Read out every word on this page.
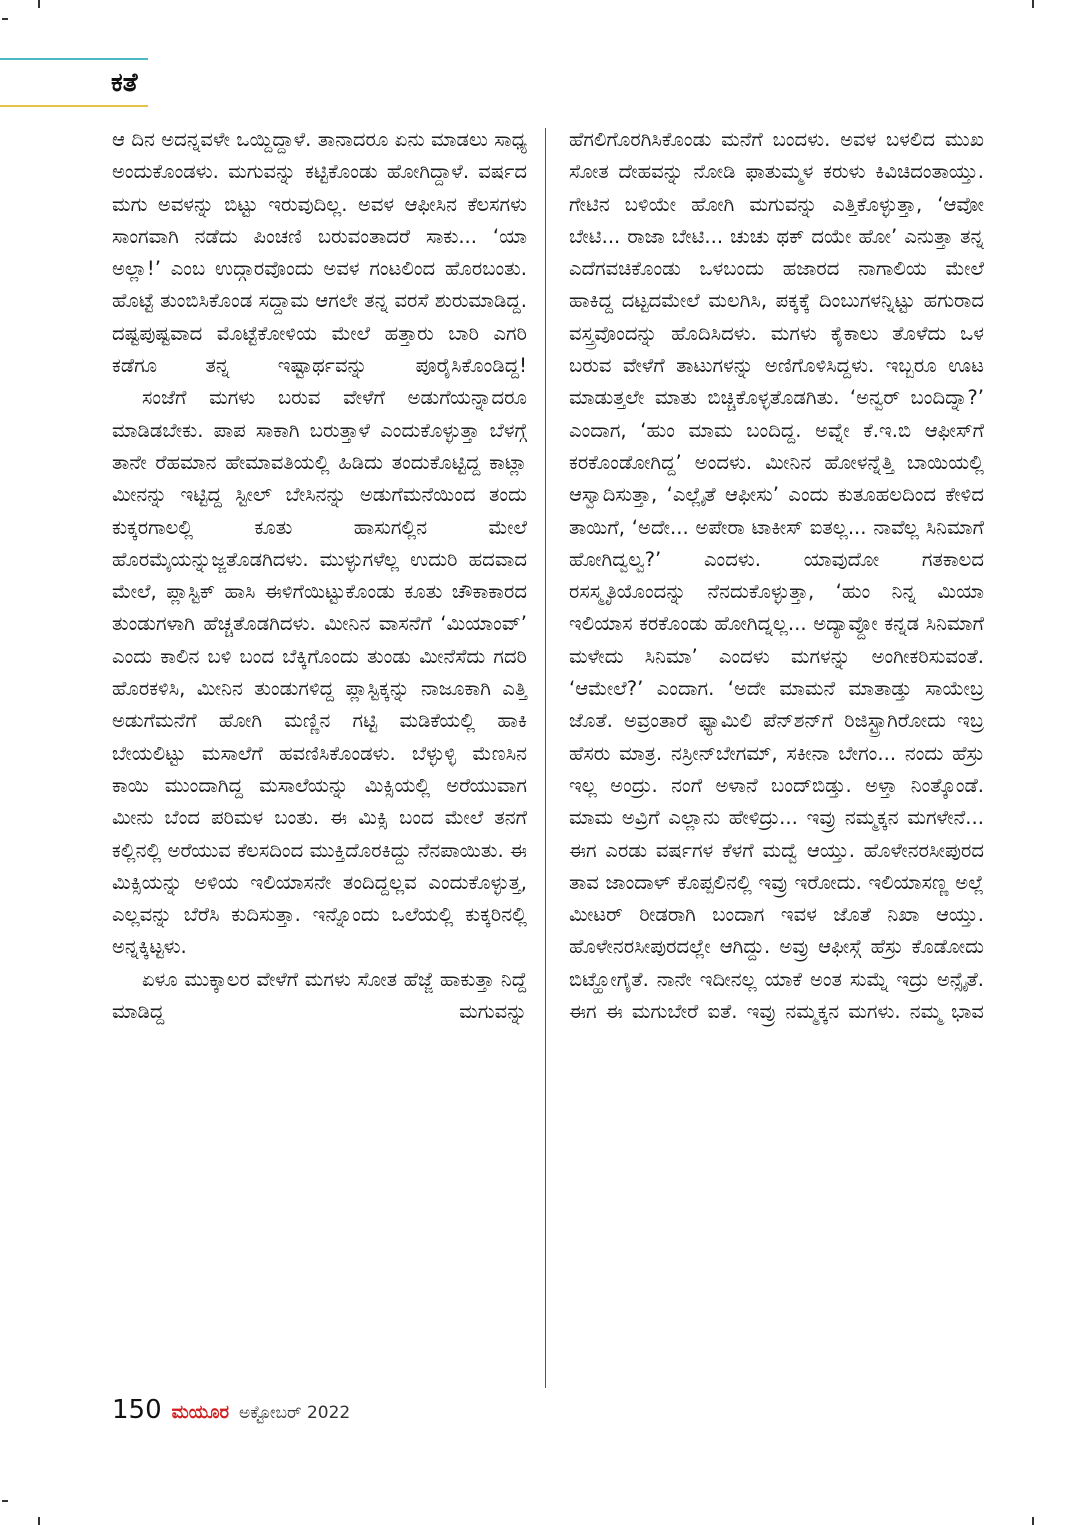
ಕತೆ

ಆ ದಿನ ಅದನ್ನವಳೇ ಒಯ್ದಿದ್ದಾಳೆ. ತಾನಾದರೂ ಏನು ಮಾಡಲು ಸಾಧ್ಯ ಅಂದುಕೊಂಡಳು. ಮಗುವನ್ನು ಕಟ್ಟಿಕೊಂಡು ಹೋಗಿದ್ದಾಳೆ. ವರ್ಷದ ಮಗು ಅವಳನ್ನು ಬಿಟ್ಟು ಇರುವುದಿಲ್ಲ. ಅವಳ ಆಫೀಸಿನ ಕೆಲಸಗಳು ಸಾಂಗವಾಗಿ ನಡೆದು ಪಿಂಚಣಿ ಬರುವಂತಾದರೆ ಸಾಕು... ‘ಯಾ ಅಲ್ಲಾ!’ ಎಂಬ ಉದ್ಗಾರವೊಂದು ಅವಳ ಗಂಟಲಿಂದ ಹೊರಬಂತು. ಹೊಟ್ಟೆ ತುಂಬಿಸಿಕೊಂಡ ಸದ್ದಾಮ ಆಗಲೇ ತನ್ನ ವರಸೆ ಶುರುಮಾಡಿದ್ದ. ದಷ್ಟಪುಷ್ಟವಾದ ಮೊಟ್ಟೆಕೋಳಿಯ ಮೇಲೆ ಹತ್ತಾರು ಬಾರಿ ಎಗರಿ ಕಡೆಗೂ ತನ್ನ ಇಷ್ಟಾರ್ಥವನ್ನು ಪೂರೈಸಿಕೊಂಡಿದ್ದ!

ಸಂಜೆಗೆ ಮಗಳು ಬರುವ ವೇಳೆಗೆ ಅಡುಗೆಯನ್ನಾದರೂ ಮಾಡಿಡಬೇಕು. ಪಾಪ ಸಾಕಾಗಿ ಬರುತ್ತಾಳೆ ಎಂದುಕೊಳ್ಳುತ್ತಾ ಬೆಳಗ್ಗೆ ತಾನೇ ರೆಹಮಾನ ಹೇಮಾವತಿಯಲ್ಲಿ ಹಿಡಿದು ತಂದುಕೊಟ್ಟಿದ್ದ ಕಾಟ್ಲಾ ಮೀನನ್ನು ಇಟ್ಟಿದ್ದ ಸ್ಟೀಲ್ ಬೇಸಿನನ್ನು ಅಡುಗೆಮನೆಯಿಂದ ತಂದು ಕುಕ್ಕರಗಾಲಲ್ಲಿ ಕೂತು ಹಾಸುಗಲ್ಲಿನ ಮೇಲೆ ಹೊರಮೈಯನ್ನುಜ್ಜತೊಡಗಿದಳು. ಮುಳ್ಳುಗಳೆಲ್ಲ ಉದುರಿ ಹದವಾದ ಮೇಲೆ, ಪ್ಲಾಸ್ಟಿಕ್ ಹಾಸಿ ಈಳಿಗೆಯಿಟ್ಟುಕೊಂಡು ಕೂತು ಚೌಕಾಕಾರದ ತುಂಡುಗಳಾಗಿ ಹೆಚ್ಚತೊಡಗಿದಳು. ಮೀನಿನ ವಾಸನೆಗೆ ‘ಮಿಯಾಂವ್’ ಎಂದು ಕಾಲಿನ ಬಳಿ ಬಂದ ಬೆಕ್ಕಿಗೊಂದು ತುಂಡು ಮೀನೆಸೆದು ಗದರಿ ಹೊರಕಳಿಸಿ, ಮೀನಿನ ತುಂಡುಗಳಿದ್ದ ಪ್ಲಾಸ್ಟಿಕ್ಕನ್ನು ನಾಜೂಕಾಗಿ ಎತ್ತಿ ಅಡುಗೆಮನೆಗೆ ಹೋಗಿ ಮಣ್ಣಿನ ಗಟ್ಟಿ ಮಡಿಕೆಯಲ್ಲಿ ಹಾಕಿ ಬೇಯಲಿಟ್ಟು ಮಸಾಲೆಗೆ ಹವಣಿಸಿಕೊಂಡಳು. ಬೆಳ್ಳುಳ್ಳಿ ಮೆಣಸಿನ ಕಾಯಿ ಮುಂದಾಗಿದ್ದ ಮಸಾಲೆಯನ್ನು ಮಿಕ್ಸಿಯಲ್ಲಿ ಅರೆಯುವಾಗ ಮೀನು ಬೆಂದ ಪರಿಮಳ ಬಂತು. ಈ ಮಿಕ್ಸಿ ಬಂದ ಮೇಲೆ ತನಗೆ ಕಲ್ಲಿನಲ್ಲಿ ಅರೆಯುವ ಕೆಲಸದಿಂದ ಮುಕ್ತಿದೊರಕಿದ್ದು ನೆನಪಾಯಿತು. ಈ ಮಿಕ್ಸಿಯನ್ನು ಅಳಿಯ ಇಲಿಯಾಸನೇ ತಂದಿದ್ದಲ್ಲವ ಎಂದುಕೊಳ್ಳುತ್ತ, ಎಲ್ಲವನ್ನು ಬೆರೆಸಿ ಕುದಿಸುತ್ತಾ. ಇನ್ನೊಂದು ಒಲೆಯಲ್ಲಿ ಕುಕ್ಕರಿನಲ್ಲಿ ಅನ್ನಕ್ಕಿಟ್ಟಳು.

ಏಳೂ ಮುಕ್ಕಾಲರ ವೇಳೆಗೆ ಮಗಳು ಸೋತ ಹೆಜ್ಜೆ ಹಾಕುತ್ತಾ ನಿದ್ದೆ ಮಾಡಿದ್ದ ಮಗುವನ್ನು

ಹೆಗಲಿಗೊರಗಿಸಿಕೊಂಡು ಮನೆಗೆ ಬಂದಳು. ಅವಳ ಬಳಲಿದ ಮುಖ ಸೋತ ದೇಹವನ್ನು ನೋಡಿ ಫಾತುಮ್ಮಳ ಕರುಳು ಕಿವಿಚಿದಂತಾಯ್ತು. ಗೇಟಿನ ಬಳಿಯೇ ಹೋಗಿ ಮಗುವನ್ನು ಎತ್ತಿಕೊಳ್ಳುತ್ತಾ, ‘ಆವೋ ಬೇಟಿ... ರಾಜಾ ಬೇಟಿ... ಚುಚು ಥಕ್ ದಯೇ ಹೋ’ ಎನುತ್ತಾ ತನ್ನ ಎದೆಗವಚಿಕೊಂಡು ಒಳಬಂದು ಹಜಾರದ ನಾಗಾಲಿಯ ಮೇಲೆ ಹಾಕಿದ್ದ ದಟ್ಟದಮೇಲೆ ಮಲಗಿಸಿ, ಪಕ್ಕಕ್ಕೆ ದಿಂಬುಗಳನ್ನಿಟ್ಟು ಹಗುರಾದ ವಸ್ತ್ರವೊಂದನ್ನು ಹೊದಿಸಿದಳು. ಮಗಳು ಕೈಕಾಲು ತೊಳೆದು ಒಳ ಬರುವ ವೇಳೆಗೆ ತಾಟುಗಳನ್ನು ಅಣಿಗೊಳಿಸಿದ್ದಳು. ಇಬ್ಬರೂ ಊಟ ಮಾಡುತ್ತಲೇ ಮಾತು ಬಿಚ್ಚಿಕೊಳ್ಳತೊಡಗಿತು. ‘ಅನ್ವರ್ ಬಂದಿದ್ನಾ?’ ಎಂದಾಗ, ‘ಹುಂ ಮಾಮ ಬಂದಿದ್ದ. ಅವ್ನೇ ಕೆ.ಇ.ಬಿ ಆಫೀಸ್‌ಗೆ ಕರಕೊಂಡೋಗಿದ್ದ’ ಅಂದಳು. ಮೀನಿನ ಹೋಳನ್ನೆತ್ತಿ ಬಾಯಿಯಲ್ಲಿ ಆಸ್ವಾದಿಸುತ್ತಾ, ‘ಎಲ್ಲೈತೆ ಆಫೀಸು’ ಎಂದು ಕುತೂಹಲದಿಂದ ಕೇಳಿದ ತಾಯಿಗೆ, ‘ಅದೇ... ಅಪೇರಾ ಟಾಕೀಸ್ ಐತಲ್ಲ... ನಾವೆಲ್ಲ ಸಿನಿಮಾಗೆ ಹೋಗಿದ್ವಲ್ವ?’ ಎಂದಳು. ಯಾವುದೋ ಗತಕಾಲದ ರಸಸ್ಮೃತಿಯೊಂದನ್ನು ನೆನದುಕೊಳ್ಳುತ್ತಾ, ‘ಹುಂ ನಿನ್ನ ಮಿಯಾ ಇಲಿಯಾಸ ಕರಕೊಂಡು ಹೋಗಿದ್ನಲ್ಲ... ಅದ್ಯಾವ್ದೋ ಕನ್ನಡ ಸಿನಿಮಾಗೆ ಮಳೇದು ಸಿನಿಮಾ’ ಎಂದಳು ಮಗಳನ್ನು ಅಂಗೀಕರಿಸುವಂತೆ. ‘ಆಮೇಲೆ?’ ಎಂದಾಗ. ‘ಅದೇ ಮಾಮನೆ ಮಾತಾಡ್ತು ಸಾಯೇಬ್ರ ಜೊತೆ. ಅವ್ರಂತಾರೆ ಫ್ಯಾಮಿಲಿ ಪೆನ್‌ಶನ್‌ಗೆ ರಿಜಿಸ್ಟ್ರಾಗಿರೋದು ಇಬ್ರ ಹೆಸರು ಮಾತ್ರ. ನಸ್ರೀನ್‌ಬೇಗಮ್, ಸಕೀನಾ ಬೇಗಂ... ನಂದು ಹೆಸ್ರು ಇಲ್ಲ ಅಂದ್ರು. ನಂಗೆ ಅಳಾನೆ ಬಂದ್‌ಬಿಡ್ತು. ಅಳ್ತಾ ನಿಂತ್ಕೊಂಡೆ. ಮಾಮ ಅವ್ರಿಗೆ ಎಲ್ಲಾನು ಹೇಳಿದ್ರು... ಇವ್ರು ನಮ್ಮಕ್ಕನ ಮಗಳೇನೆ... ಈಗ ಎರಡು ವರ್ಷಗಳ ಕೆಳಗೆ ಮದ್ವೆ ಆಯ್ತು. ಹೊಳೇನರಸೀಪುರದ ತಾವ ಜಾಂದಾಳ್ ಕೊಪ್ಪಲಿನಲ್ಲಿ ಇವ್ರು ಇರೋದು. ಇಲಿಯಾಸಣ್ಣ ಅಲ್ಲೆ ಮೀಟರ್ ರೀಡರಾಗಿ ಬಂದಾಗ ಇವಳ ಜೊತೆ ನಿಖಾ ಆಯ್ತು. ಹೊಳೇನರಸೀಪುರದಲ್ಲೇ ಆಗಿದ್ದು. ಅವ್ರು ಆಫೀಸ್ಗೆ ಹೆಸ್ರು ಕೊಡೋದು ಬಿಟ್ಹೋಗೈತೆ. ನಾನೇ ಇದೀನಲ್ಲ ಯಾಕೆ ಅಂತ ಸುಮ್ನೆ ಇದ್ರು ಅನ್ಸೈತೆ. ಈಗ ಈ ಮಗುಬೇರೆ ಐತೆ. ಇವ್ರು ನಮ್ಮಕ್ಕನ ಮಗಳು. ನಮ್ಮ ಭಾವ

150 ಮಯೂರ ಅಕ್ಟೋಬರ್ 2022
